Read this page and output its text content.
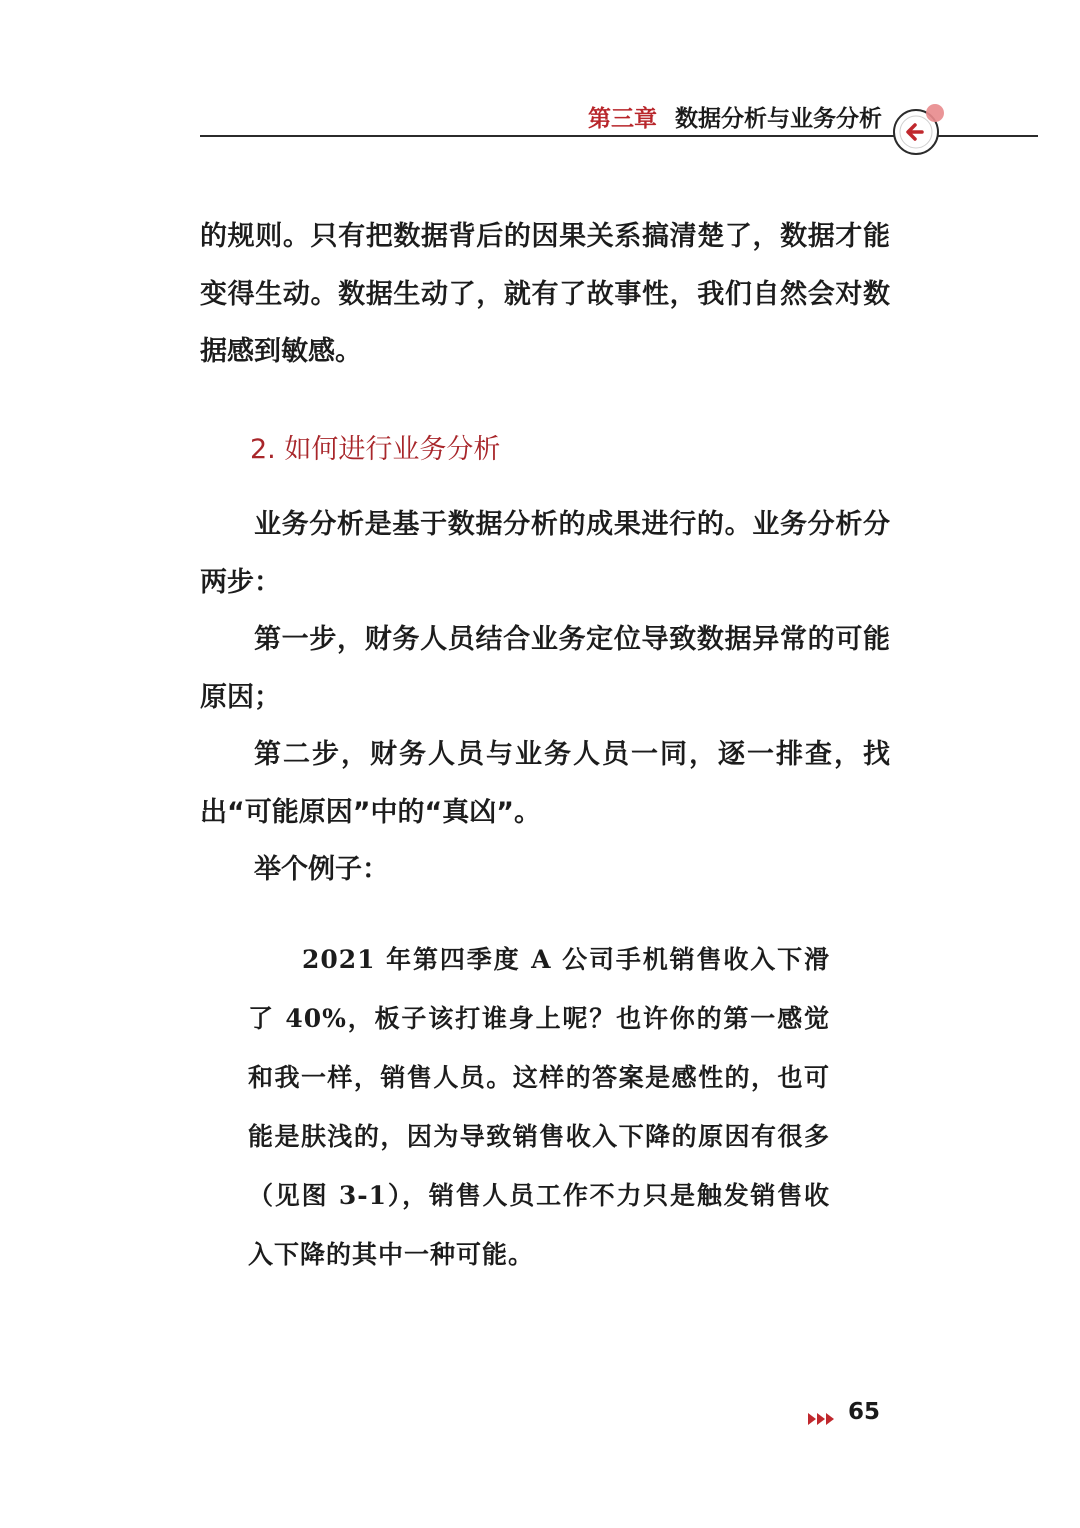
第三章 数据分析与业务分析

的规则。只有把数据背后的因果关系搞清楚了，数据才能变得生动。数据生动了，就有了故事性，我们自然会对数据感到敏感。

2. 如何进行业务分析

业务分析是基于数据分析的成果进行的。业务分析分两步：

第一步，财务人员结合业务定位导致数据异常的可能原因；

第二步，财务人员与业务人员一同，逐一排查，找出“可能原因”中的“真凶”。

举个例子：

2021 年第四季度 A 公司手机销售收入下滑了 40%，板子该打谁身上呢？也许你的第一感觉和我一样，销售人员。这样的答案是感性的，也可能是肤浅的，因为导致销售收入下降的原因有很多（见图 3-1），销售人员工作不力只是触发销售收入下降的其中一种可能。

65
